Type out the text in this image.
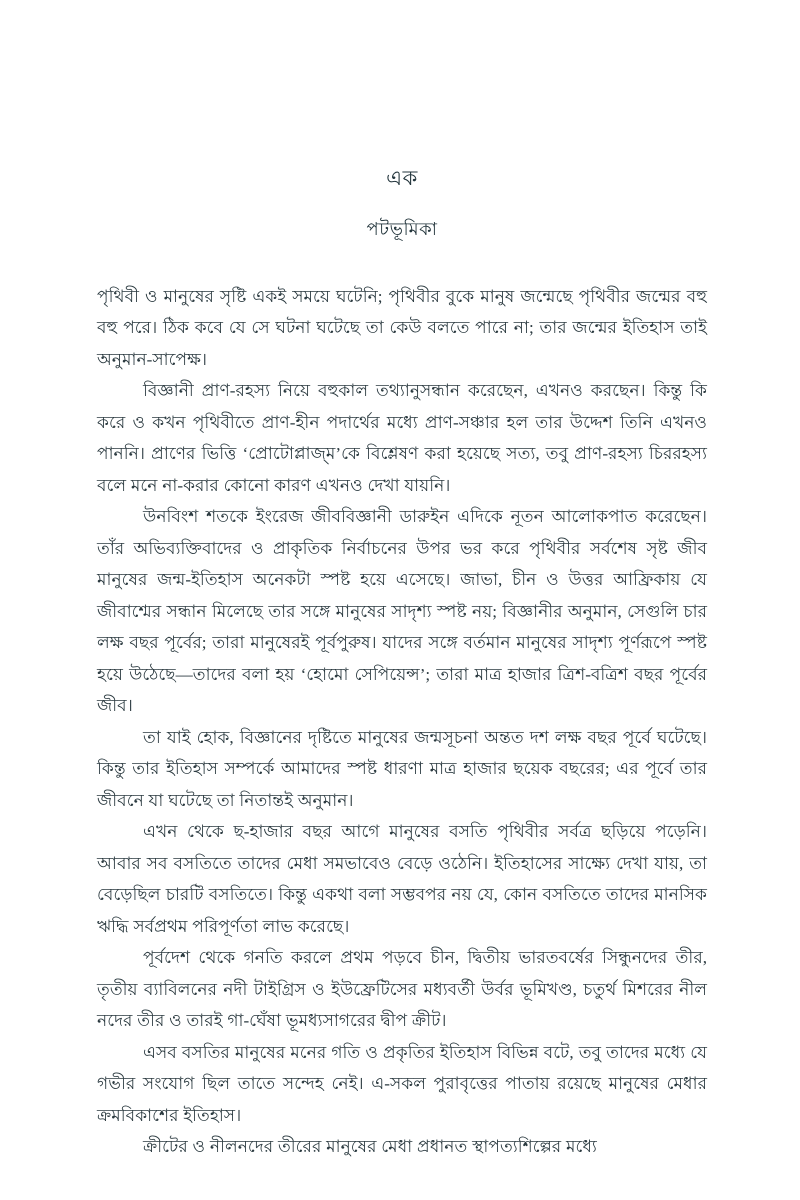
এক
পটভূমিকা

পৃথিবী ও মানুষের সৃষ্টি একই সময়ে ঘটেনি; পৃথিবীর বুকে মানুষ জন্মেছে পৃথিবীর জন্মের বহু বহু পরে। ঠিক কবে যে সে ঘটনা ঘটেছে তা কেউ বলতে পারে না; তার জন্মের ইতিহাস তাই অনুমান-সাপেক্ষ।

বিজ্ঞানী প্রাণ-রহস্য নিয়ে বহুকাল তথ্যানুসন্ধান করেছেন, এখনও করছেন। কিন্তু কি করে ও কখন পৃথিবীতে প্রাণ-হীন পদার্থের মধ্যে প্রাণ-সঞ্চার হল তার উদ্দেশ তিনি এখনও পাননি। প্রাণের ভিত্তি ‘প্রোটোপ্লাজ্‌ম’কে বিশ্লেষণ করা হয়েছে সত্য, তবু প্রাণ-রহস্য চিররহস্য বলে মনে না-করার কোনো কারণ এখনও দেখা যায়নি।

উনবিংশ শতকে ইংরেজ জীববিজ্ঞানী ডারুইন এদিকে নূতন আলোকপাত করেছেন। তাঁর অভিব্যক্তিবাদের ও প্রাকৃতিক নির্বাচনের উপর ভর করে পৃথিবীর সর্বশেষ সৃষ্ট জীব মানুষের জন্ম-ইতিহাস অনেকটা স্পষ্ট হয়ে এসেছে। জাভা, চীন ও উত্তর আফ্রিকায় যে জীবাশ্মের সন্ধান মিলেছে তার সঙ্গে মানুষের সাদৃশ্য স্পষ্ট নয়; বিজ্ঞানীর অনুমান, সেগুলি চার লক্ষ বছর পূর্বের; তারা মানুষেরই পূর্বপুরুষ। যাদের সঙ্গে বর্তমান মানুষের সাদৃশ্য পূর্ণরূপে স্পষ্ট হয়ে উঠেছে—তাদের বলা হয় ‘হোমো সেপিয়েন্স’; তারা মাত্র হাজার ত্রিশ-বত্রিশ বছর পূর্বের জীব।

তা যাই হোক, বিজ্ঞানের দৃষ্টিতে মানুষের জন্মসূচনা অন্তত দশ লক্ষ বছর পূর্বে ঘটেছে। কিন্তু তার ইতিহাস সম্পর্কে আমাদের স্পষ্ট ধারণা মাত্র হাজার ছয়েক বছরের; এর পূর্বে তার জীবনে যা ঘটেছে তা নিতান্তই অনুমান।

এখন থেকে ছ-হাজার বছর আগে মানুষের বসতি পৃথিবীর সর্বত্র ছড়িয়ে পড়েনি। আবার সব বসতিতে তাদের মেধা সমভাবেও বেড়ে ওঠেনি। ইতিহাসের সাক্ষ্যে দেখা যায়, তা বেড়েছিল চারটি বসতিতে। কিন্তু একথা বলা সম্ভবপর নয় যে, কোন বসতিতে তাদের মানসিক ঋদ্ধি সর্বপ্রথম পরিপূর্ণতা লাভ করেছে।

পূর্বদেশ থেকে গনতি করলে প্রথম পড়বে চীন, দ্বিতীয় ভারতবর্ষের সিন্ধুনদের তীর, তৃতীয় ব্যাবিলনের নদী টাইগ্রিস ও ইউফ্রেটিসের মধ্যবর্তী উর্বর ভূমিখণ্ড, চতুর্থ মিশরের নীল নদের তীর ও তারই গা-ঘেঁষা ভূমধ্যসাগরের দ্বীপ ক্রীট।

এসব বসতির মানুষের মনের গতি ও প্রকৃতির ইতিহাস বিভিন্ন বটে, তবু তাদের মধ্যে যে গভীর সংযোগ ছিল তাতে সন্দেহ নেই। এ-সকল পুরাবৃত্তের পাতায় রয়েছে মানুষের মেধার ক্রমবিকাশের ইতিহাস।

ক্রীটের ও নীলনদের তীরের মানুষের মেধা প্রধানত স্থাপত্যশিল্পের মধ্যে
